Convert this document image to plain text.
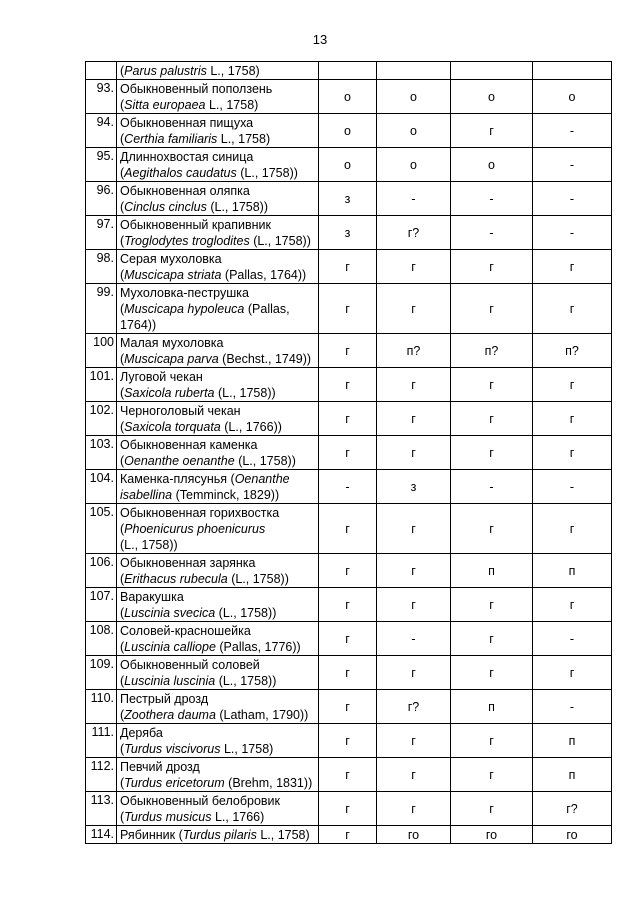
13
	(Parus palustris L., 1758)				
93.	Обыкновенный поползень
(Sitta europaea L., 1758)	о	о	о	о
94.	Обыкновенная пищуха
(Certhia familiaris L., 1758)	о	о	г	-
95.	Длиннохвостая синица
(Aegithalos caudatus (L., 1758))	о	о	о	-
96.	Обыкновенная оляпка
(Cinclus cinclus (L., 1758))	з	-	-	-
97.	Обыкновенный крапивник
(Troglodytes troglodites (L., 1758))	з	г?	-	-
98.	Серая мухоловка
(Muscicapa striata (Pallas, 1764))	г	г	г	г
99.	Мухоловка-пеструшка
(Muscicapa hypoleuca (Pallas, 1764))	г	г	г	г
100	Малая мухоловка
(Muscicapa parva (Bechst., 1749))	г	п?	п?	п?
101.	Луговой чекан
(Saxicola ruberta (L., 1758))	г	г	г	г
102.	Черноголовый чекан
(Saxicola torquata (L., 1766))	г	г	г	г
103.	Обыкновенная каменка
(Oenanthe oenanthe (L., 1758))	г	г	г	г
104.	Каменка-плясунья (Oenanthe isabellina (Temminck, 1829))	-	з	-	-
105.	Обыкновенная горихвостка
(Phoenicurus phoenicurus
(L., 1758))	г	г	г	г
106.	Обыкновенная зарянка
(Erithacus rubecula (L., 1758))	г	г	п	п
107.	Варакушка
(Luscinia svecica (L., 1758))	г	г	г	г
108.	Соловей-красношейка
(Luscinia calliope (Pallas, 1776))	г	-	г	-
109.	Обыкновенный соловей
(Luscinia luscinia (L., 1758))	г	г	г	г
110.	Пестрый дрозд
(Zoothera dauma (Latham, 1790))	г	г?	п	-
111.	Деряба
(Turdus viscivorus L., 1758)	г	г	г	п
112.	Певчий дрозд
(Turdus ericetorum (Brehm, 1831))	г	г	г	п
113.	Обыкновенный белобровик
(Turdus musicus L., 1766)	г	г	г	г?
114.	Рябинник (Turdus pilaris L., 1758)	г	го	го	го
